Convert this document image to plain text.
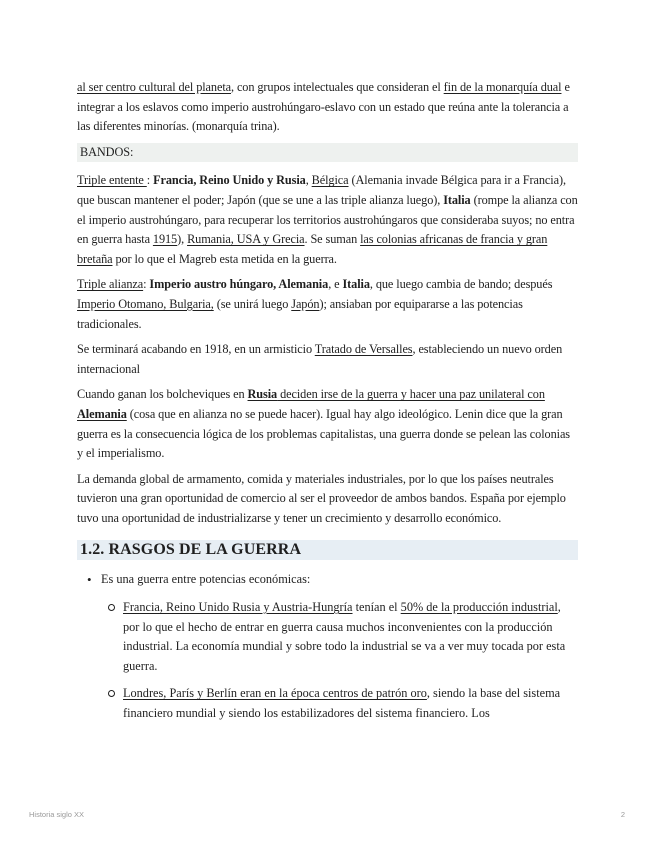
al ser centro cultural del planeta, con grupos intelectuales que consideran el fin de la monarquía dual e integrar a los eslavos como imperio austrohúngaro-eslavo con un estado que reúna ante la tolerancia a las diferentes minorías. (monarquía trina).

BANDOS:

Triple entente : Francia, Reino Unido y Rusia, Bélgica (Alemania invade Bélgica para ir a Francia), que buscan mantener el poder; Japón (que se une a las triple alianza luego), Italia (rompe la alianza con el imperio austrohúngaro, para recuperar los territorios austrohúngaros que consideraba suyos; no entra en guerra hasta 1915), Rumania, USA y Grecia. Se suman las colonias africanas de francia y gran bretaña por lo que el Magreb esta metida en la guerra.

Triple alianza: Imperio austro húngaro, Alemania, e Italia, que luego cambia de bando; después Imperio Otomano, Bulgaria, (se unirá luego Japón); ansiaban por equipararse a las potencias tradicionales.

Se terminará acabando en 1918, en un armisticio Tratado de Versalles, estableciendo un nuevo orden internacional

Cuando ganan los bolcheviques en Rusia deciden irse de la guerra y hacer una paz unilateral con Alemania (cosa que en alianza no se puede hacer). Igual hay algo ideológico. Lenin dice que la gran guerra es la consecuencia lógica de los problemas capitalistas, una guerra donde se pelean las colonias y el imperialismo.

La demanda global de armamento, comida y materiales industriales, por lo que los países neutrales tuvieron una gran oportunidad de comercio al ser el proveedor de ambos bandos. España por ejemplo tuvo una oportunidad de industrializarse y tener un crecimiento y desarrollo económico.

1.2. RASGOS DE LA GUERRA
• Es una guerra entre potencias económicas:
Francia, Reino Unido Rusia y Austria-Hungría tenían el 50% de la producción industrial, por lo que el hecho de entrar en guerra causa muchos inconvenientes con la producción industrial. La economía mundial y sobre todo la industrial se va a ver muy tocada por esta guerra.
Londres, París y Berlín eran en la época centros de patrón oro, siendo la base del sistema financiero mundial y siendo los estabilizadores del sistema financiero. Los
Historia siglo XX	2
